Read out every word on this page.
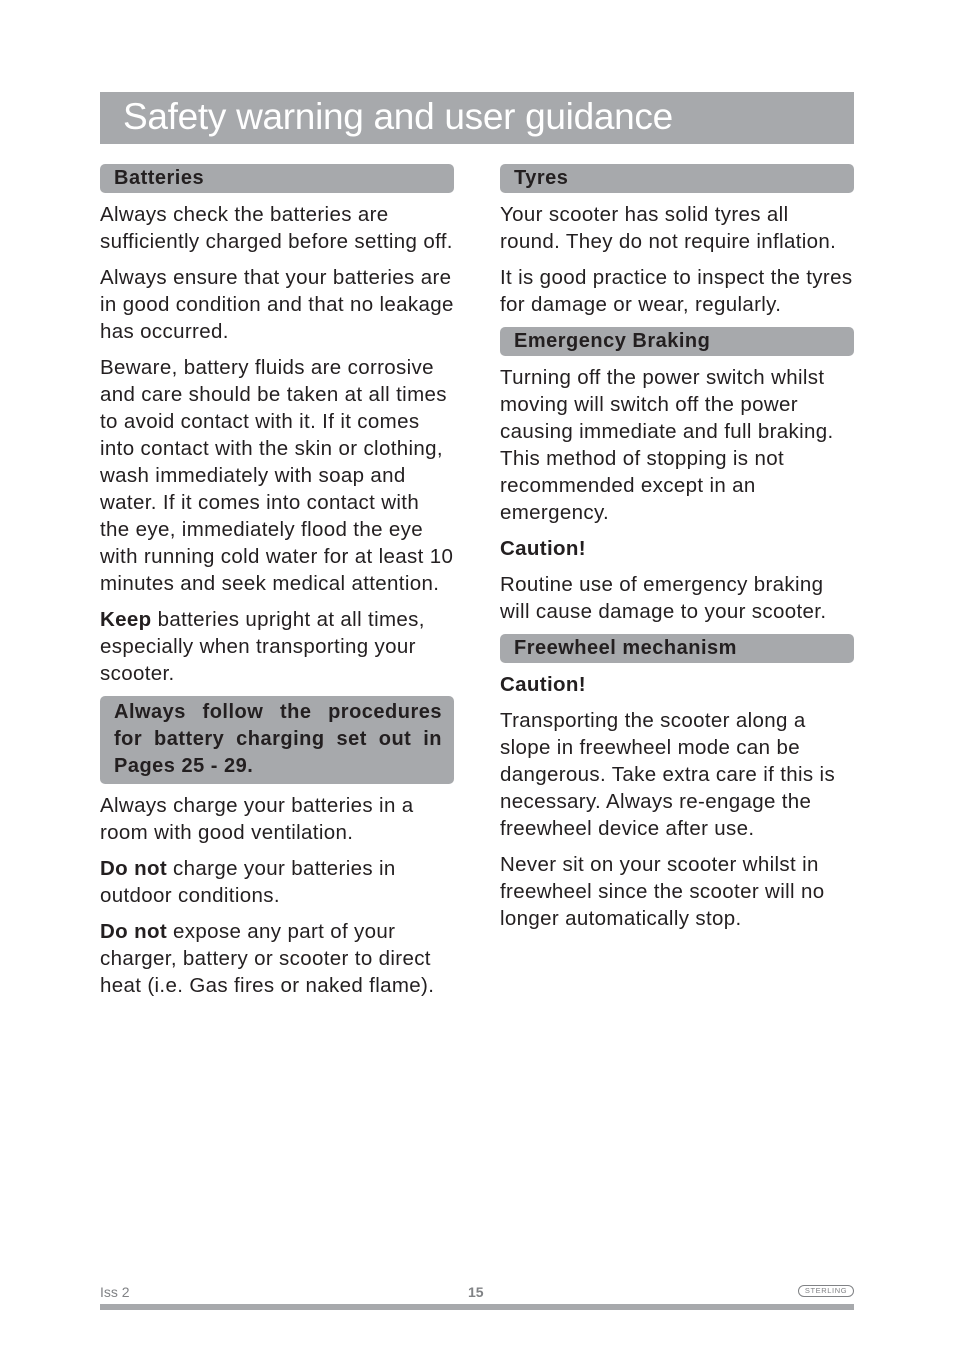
Safety warning and user guidance
Batteries

Always check the batteries are sufficiently charged before setting off.

Always ensure that your batteries are in good condition and that no leakage has occurred.

Beware, battery fluids are corrosive and care should be taken at all times to avoid contact with it. If it comes into contact with the skin or clothing, wash immediately with soap and water. If it comes into contact with the eye, immediately flood the eye with running cold water for at least 10 minutes and seek medical attention.

Keep batteries upright at all times, especially when transporting your scooter.

Always follow the procedures for battery charging set out in Pages 25 - 29.

Always charge your batteries in a room with good ventilation.

Do not charge your batteries in outdoor conditions.

Do not expose any part of your charger, battery or scooter to direct heat (i.e. Gas fires or naked flame).

Tyres

Your scooter has solid tyres all round. They do not require inflation.

It is good practice to inspect the tyres for damage or wear, regularly.

Emergency Braking

Turning off the power switch whilst moving will switch off the power causing immediate and full braking. This method of stopping is not recommended except in an emergency.

Caution!

Routine use of emergency braking will cause damage to your scooter.

Freewheel mechanism

Caution!

Transporting the scooter along a slope in freewheel mode can be dangerous. Take extra care if this is necessary. Always re-engage the freewheel device after use.

Never sit on your scooter whilst in freewheel since the scooter will no longer automatically stop.

Iss 2	15	STERLING
